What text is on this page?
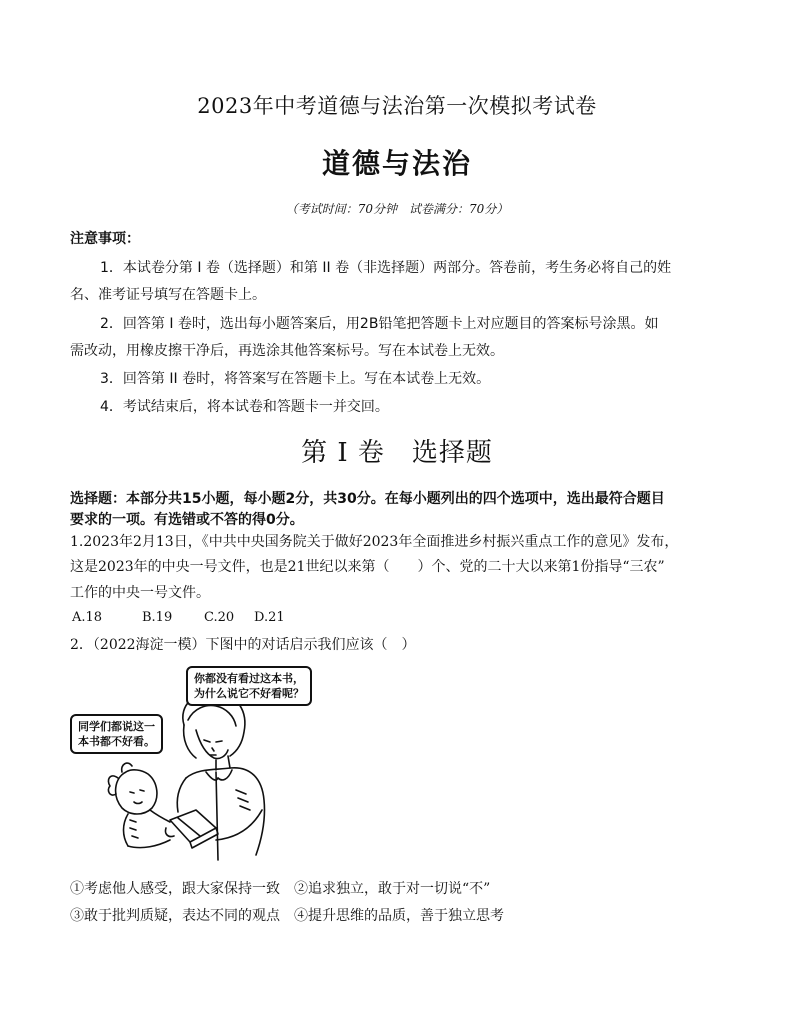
2023年中考道德与法治第一次模拟考试卷
道德与法治
（考试时间：70分钟　试卷满分：70分）
注意事项：
1．本试卷分第 I 卷（选择题）和第 II 卷（非选择题）两部分。答卷前，考生务必将自己的姓
名、准考证号填写在答题卡上。
2．回答第 I 卷时，选出每小题答案后，用2B铅笔把答题卡上对应题目的答案标号涂黑。如
需改动，用橡皮擦干净后，再选涂其他答案标号。写在本试卷上无效。
3．回答第 II 卷时，将答案写在答题卡上。写在本试卷上无效。
4．考试结束后，将本试卷和答题卡一并交回。
第 I 卷　选择题
选择题：本部分共15小题，每小题2分，共30分。在每小题列出的四个选项中，选出最符合题目
要求的一项。有选错或不答的得0分。
1.2023年2月13日，《中共中央国务院关于做好2023年全面推进乡村振兴重点工作的意见》发布，
这是2023年的中央一号文件，也是21世纪以来第（　　）个、党的二十大以来第1份指导“三农”
工作的中央一号文件。
A.18	B.19 C.20 D.21
2．（2022海淀一模）下图中的对话启示我们应该（　）
你都没有看过这本书，
为什么说它不好看呢？
同学们都说这一
本书都不好看。
①考虑他人感受，跟大家保持一致　②追求独立，敢于对一切说“不”
③敢于批判质疑，表达不同的观点　④提升思维的品质，善于独立思考
